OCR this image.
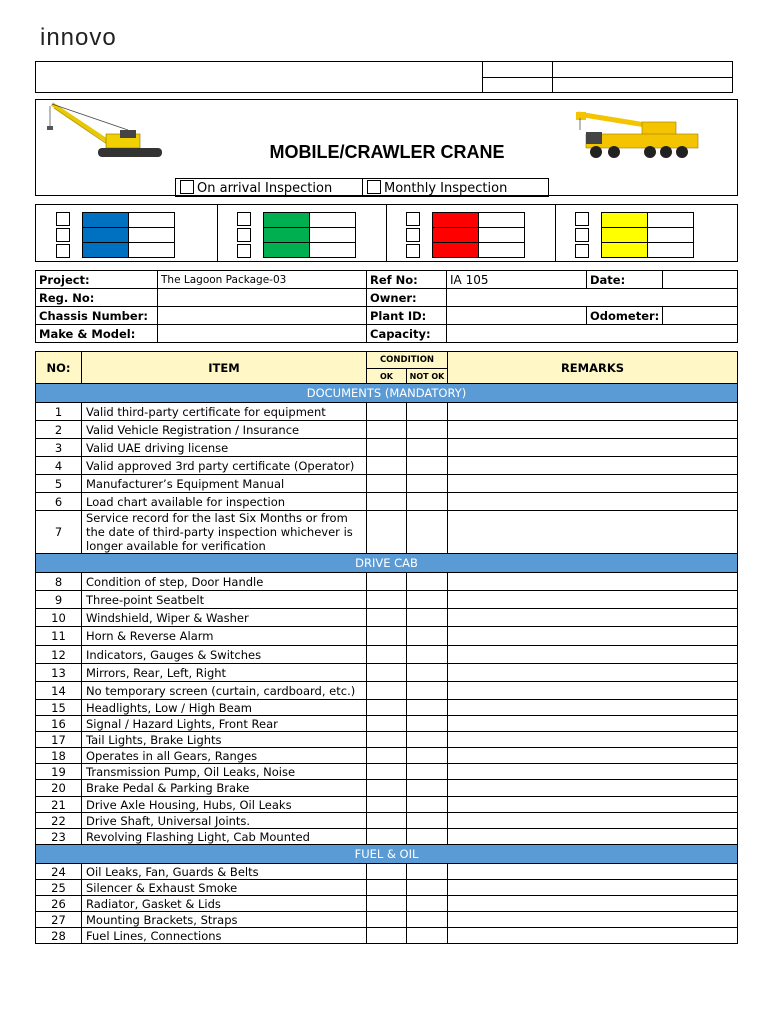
innovo

MOBILE/CRAWLER CRANE
On arrival Inspection	Monthly Inspection

Project:	The Lagoon Package-03	Ref No:	IA 105	Date:	
Reg. No:		Owner:			
Chassis Number:		Plant ID:		Odometer:	
Make & Model:		Capacity:			
NO:	ITEM	CONDITION		REMARKS
		OK	NOT OK	
DOCUMENTS (MANDATORY)				
1	Valid third-party certificate for equipment			
2	Valid Vehicle Registration / Insurance			
3	Valid UAE driving license			
4	Valid approved 3rd party certificate (Operator)			
5	Manufacturer’s Equipment Manual			
6	Load chart available for inspection			
7	Service record for the last Six Months or from the date of third-party inspection whichever is longer available for verification			
DRIVE CAB				
8	Condition of step, Door Handle			
9	Three-point Seatbelt			
10	Windshield, Wiper & Washer			
11	Horn & Reverse Alarm			
12	Indicators, Gauges & Switches			
13	Mirrors, Rear, Left, Right			
14	No temporary screen (curtain, cardboard, etc.)			
15	Headlights, Low / High Beam			
16	Signal / Hazard Lights, Front Rear			
17	Tail Lights, Brake Lights			
18	Operates in all Gears, Ranges			
19	Transmission Pump, Oil Leaks, Noise			
20	Brake Pedal & Parking Brake			
21	Drive Axle Housing, Hubs, Oil Leaks			
22	Drive Shaft, Universal Joints.			
23	Revolving Flashing Light, Cab Mounted			
FUEL & OIL				
24	Oil Leaks, Fan, Guards & Belts			
25	Silencer & Exhaust Smoke			
26	Radiator, Gasket & Lids			
27	Mounting Brackets, Straps			
28	Fuel Lines, Connections			
